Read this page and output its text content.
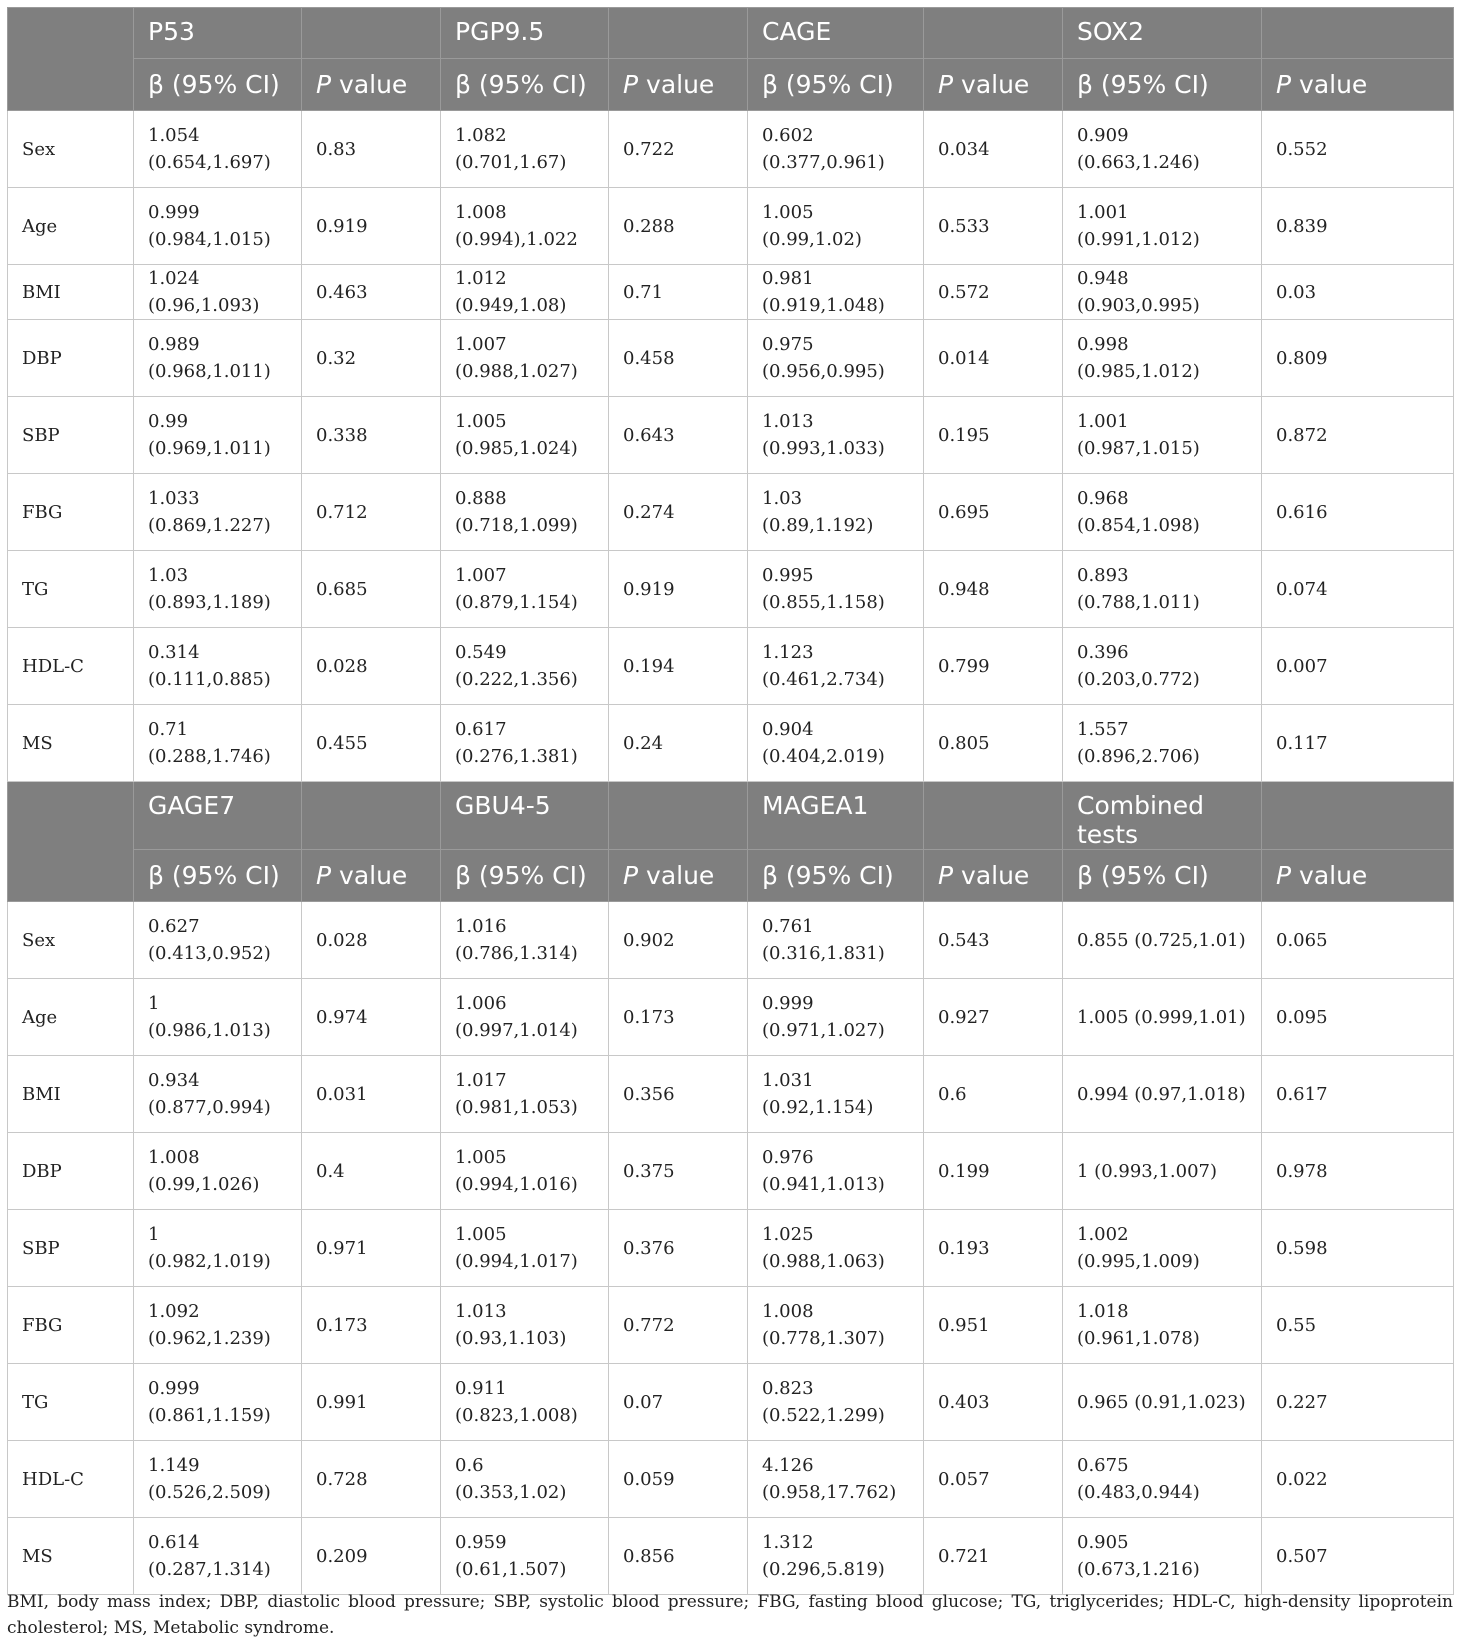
	P53		PGP9.5		CAGE		SOX2	
	β (95% CI)	P value	β (95% CI)	P value	β (95% CI)	P value	β (95% CI)	P value
Sex	1.054 (0.654,1.697)	0.83	1.082 (0.701,1.67)	0.722	0.602 (0.377,0.961)	0.034	0.909 (0.663,1.246)	0.552
Age	0.999 (0.984,1.015)	0.919	1.008 (0.994),1.022	0.288	1.005 (0.99,1.02)	0.533	1.001 (0.991,1.012)	0.839
BMI	1.024 (0.96,1.093)	0.463	1.012 (0.949,1.08)	0.71	0.981 (0.919,1.048)	0.572	0.948 (0.903,0.995)	0.03
DBP	0.989 (0.968,1.011)	0.32	1.007 (0.988,1.027)	0.458	0.975 (0.956,0.995)	0.014	0.998 (0.985,1.012)	0.809
SBP	0.99 (0.969,1.011)	0.338	1.005 (0.985,1.024)	0.643	1.013 (0.993,1.033)	0.195	1.001 (0.987,1.015)	0.872
FBG	1.033 (0.869,1.227)	0.712	0.888 (0.718,1.099)	0.274	1.03 (0.89,1.192)	0.695	0.968 (0.854,1.098)	0.616
TG	1.03 (0.893,1.189)	0.685	1.007 (0.879,1.154)	0.919	0.995 (0.855,1.158)	0.948	0.893 (0.788,1.011)	0.074
HDL-C	0.314 (0.111,0.885)	0.028	0.549 (0.222,1.356)	0.194	1.123 (0.461,2.734)	0.799	0.396 (0.203,0.772)	0.007
MS	0.71 (0.288,1.746)	0.455	0.617 (0.276,1.381)	0.24	0.904 (0.404,2.019)	0.805	1.557 (0.896,2.706)	0.117
	GAGE7		GBU4-5		MAGEA1		Combined tests	
	β (95% CI)	P value	β (95% CI)	P value	β (95% CI)	P value	β (95% CI)	P value
Sex	0.627 (0.413,0.952)	0.028	1.016 (0.786,1.314)	0.902	0.761 (0.316,1.831)	0.543	0.855 (0.725,1.01)	0.065
Age	1 (0.986,1.013)	0.974	1.006 (0.997,1.014)	0.173	0.999 (0.971,1.027)	0.927	1.005 (0.999,1.01)	0.095
BMI	0.934 (0.877,0.994)	0.031	1.017 (0.981,1.053)	0.356	1.031 (0.92,1.154)	0.6	0.994 (0.97,1.018)	0.617
DBP	1.008 (0.99,1.026)	0.4	1.005 (0.994,1.016)	0.375	0.976 (0.941,1.013)	0.199	1 (0.993,1.007)	0.978
SBP	1 (0.982,1.019)	0.971	1.005 (0.994,1.017)	0.376	1.025 (0.988,1.063)	0.193	1.002 (0.995,1.009)	0.598
FBG	1.092 (0.962,1.239)	0.173	1.013 (0.93,1.103)	0.772	1.008 (0.778,1.307)	0.951	1.018 (0.961,1.078)	0.55
TG	0.999 (0.861,1.159)	0.991	0.911 (0.823,1.008)	0.07	0.823 (0.522,1.299)	0.403	0.965 (0.91,1.023)	0.227
HDL-C	1.149 (0.526,2.509)	0.728	0.6 (0.353,1.02)	0.059	4.126 (0.958,17.762)	0.057	0.675 (0.483,0.944)	0.022
MS	0.614 (0.287,1.314)	0.209	0.959 (0.61,1.507)	0.856	1.312 (0.296,5.819)	0.721	0.905 (0.673,1.216)	0.507
BMI, body mass index; DBP, diastolic blood pressure; SBP, systolic blood pressure; FBG, fasting blood glucose; TG, triglycerides; HDL-C, high-density lipoprotein cholesterol; MS, Metabolic syndrome.
